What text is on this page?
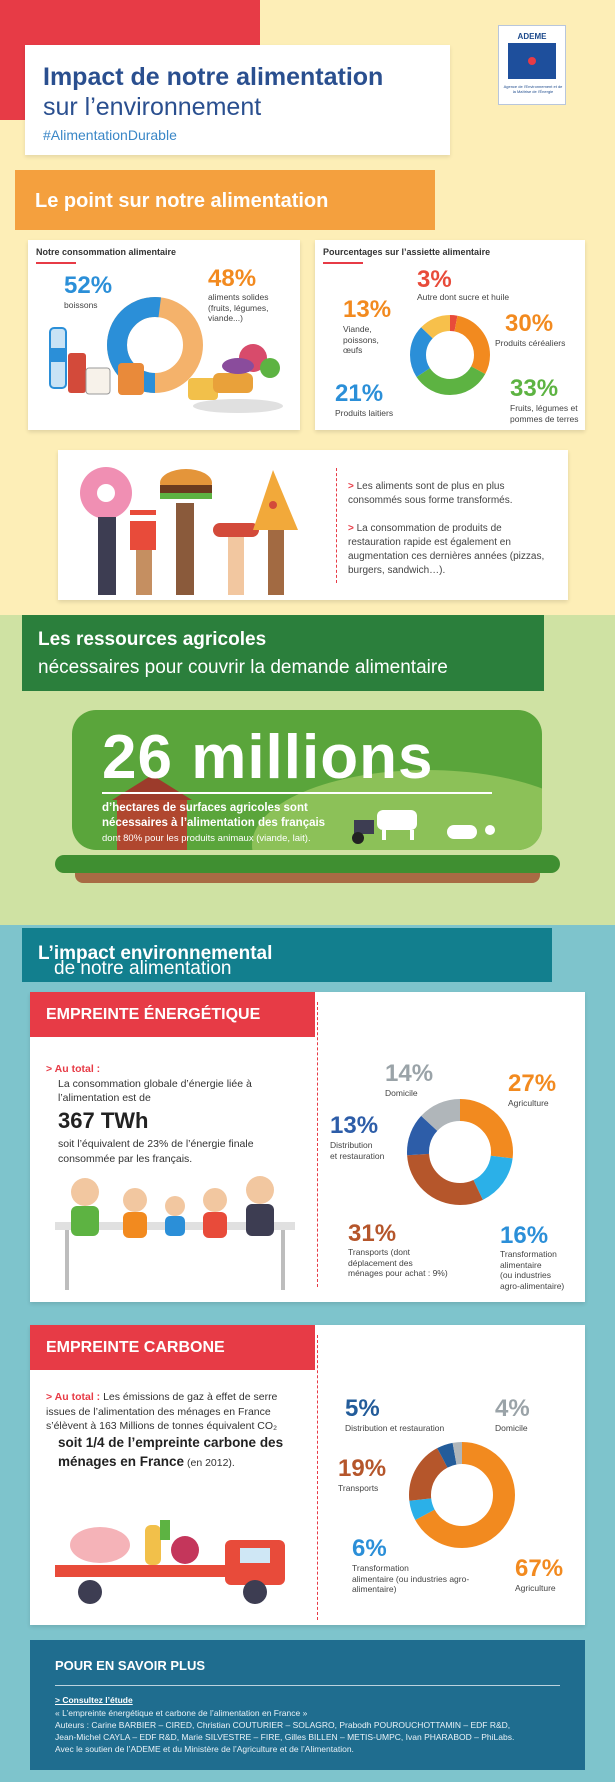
Impact de notre alimentation
sur l’environnement
#AlimentationDurable
ADEME
Agence de l'Environnement et de la Maîtrise de l'Énergie
Le point sur notre alimentation
Notre consommation alimentaire
52%
boissons
48%
aliments solides
(fruits, légumes,
viande...)
Pourcentages sur l’assiette alimentaire
3%
Autre dont sucre et huile
13%
Viande,
poissons,
œufs
30%
Produits céréaliers
21%
Produits laitiers
33%
Fruits, légumes et
pommes de terres
> Les aliments sont de plus en plus consommés sous forme transformés.
> La consommation de produits de restauration rapide est également en augmentation ces dernières années (pizzas, burgers, sandwich…).
Les ressources agricoles
nécessaires pour couvrir la demande alimentaire
26 millions
d’hectares de surfaces agricoles sont
nécessaires à l’alimentation des français
dont 80% pour les produits animaux (viande, lait).
L’impact environnemental
de notre alimentation
EMPREINTE ÉNERGÉTIQUE
> Au total :
La consommation globale d’énergie liée à l’alimentation est de
367 TWh
soit l’équivalent de 23% de l’énergie finale consommée par les français.
14%
Domicile	27%
Agriculture
13%
Distribution
et restauration
31%
Transports (dont
déplacement des
ménages pour achat : 9%)
16%
Transformation
alimentaire
(ou industries
agro-alimentaire)
EMPREINTE CARBONE
> Au total : Les émissions de gaz à effet de serre issues de l’alimentation des ménages en France s’élèvent à 163 Millions de tonnes équivalent CO₂
soit 1/4 de l’empreinte carbone des ménages en France (en 2012).
5%
Distribution et restauration
4%
Domicile
19%
Transports
6%
Transformation
alimentaire (ou industries agro-alimentaire)
67%
Agriculture
POUR EN SAVOIR PLUS
> Consultez l’étude
« L’empreinte énergétique et carbone de l’alimentation en France »
Auteurs : Carine BARBIER – CIRED, Christian COUTURIER – SOLAGRO, Prabodh POUROUCHOTTAMIN – EDF R&D,
Jean-Michel CAYLA – EDF R&D, Marie SILVESTRE – FIRE, Gilles BILLEN – METIS-UMPC, Ivan PHARABOD – PhiLabs.
Avec le soutien de l’ADEME et du Ministère de l’Agriculture et de l’Alimentation.
